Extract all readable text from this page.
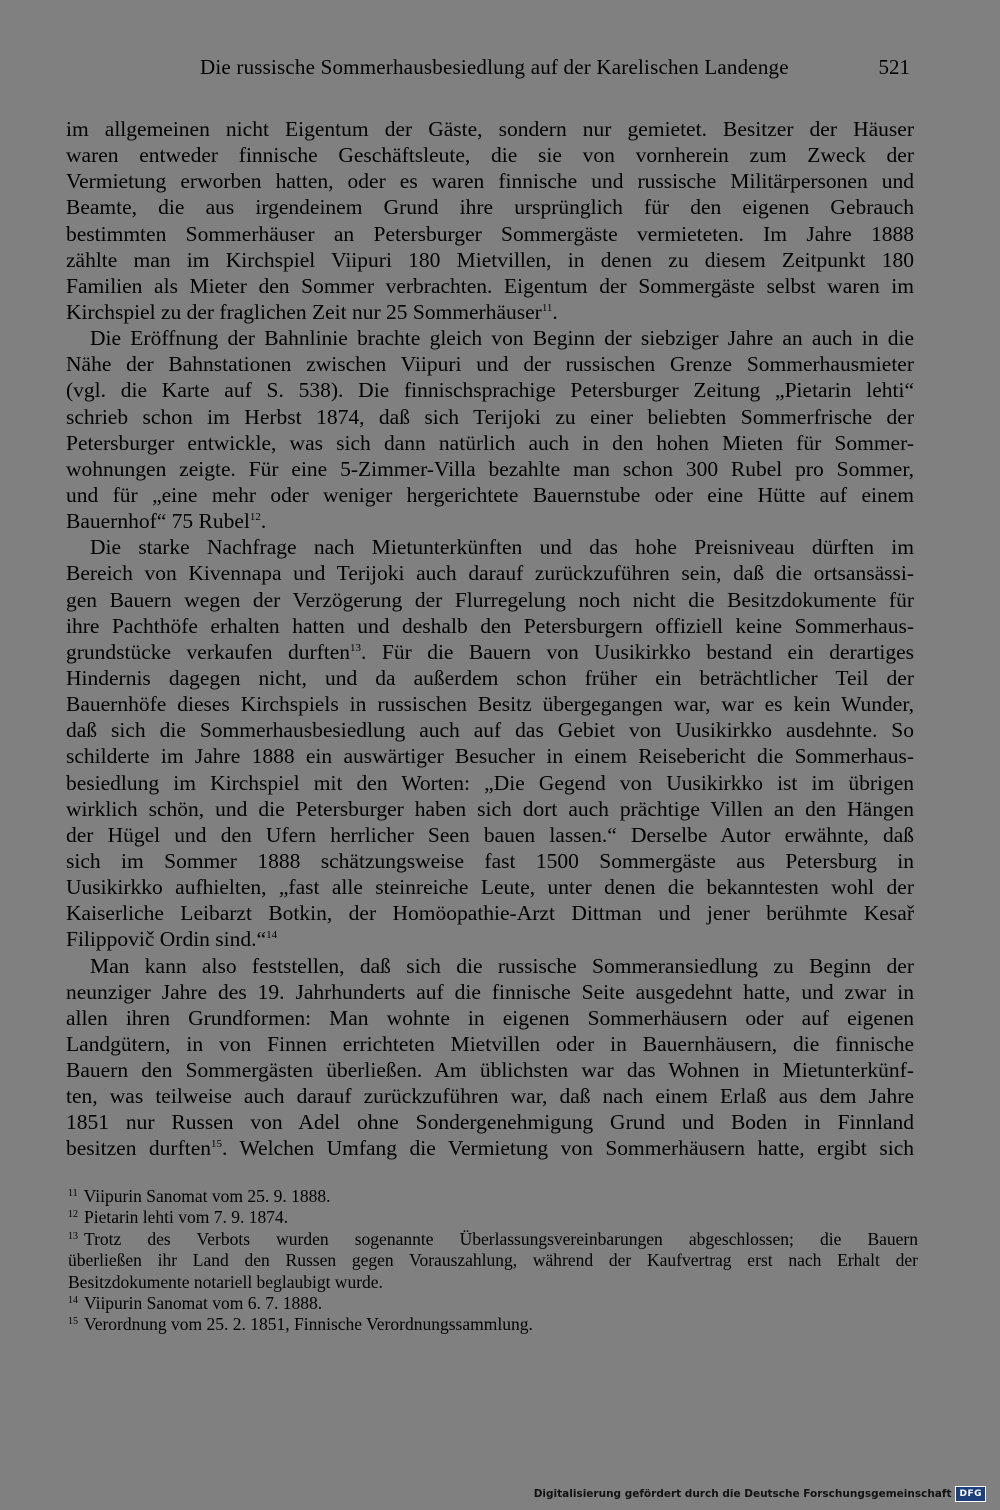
Die russische Sommerhausbesiedlung auf der Karelischen Landenge	521
im allgemeinen nicht Eigentum der Gäste, sondern nur gemietet. Besitzer der Häuser
waren entweder finnische Geschäftsleute, die sie von vornherein zum Zweck der
Vermietung erworben hatten, oder es waren finnische und russische Militärpersonen und
Beamte, die aus irgendeinem Grund ihre ursprünglich für den eigenen Gebrauch
bestimmten Sommerhäuser an Petersburger Sommergäste vermieteten. Im Jahre 1888
zählte man im Kirchspiel Viipuri 180 Mietvillen, in denen zu diesem Zeitpunkt 180
Familien als Mieter den Sommer verbrachten. Eigentum der Sommergäste selbst waren im
Kirchspiel zu der fraglichen Zeit nur 25 Sommerhäuser$^{11}$.
Die Eröffnung der Bahnlinie brachte gleich von Beginn der siebziger Jahre an auch in die
Nähe der Bahnstationen zwischen Viipuri und der russischen Grenze Sommerhausmieter
(vgl. die Karte auf S. 538). Die finnischsprachige Petersburger Zeitung „Pietarin lehti“
schrieb schon im Herbst 1874, daß sich Terijoki zu einer beliebten Sommerfrische der
Petersburger entwickle, was sich dann natürlich auch in den hohen Mieten für Sommer-
wohnungen zeigte. Für eine 5-Zimmer-Villa bezahlte man schon 300 Rubel pro Sommer,
und für „eine mehr oder weniger hergerichtete Bauernstube oder eine Hütte auf einem
Bauernhof“ 75 Rubel$^{12}$.
Die starke Nachfrage nach Mietunterkünften und das hohe Preisniveau dürften im
Bereich von Kivennapa und Terijoki auch darauf zurückzuführen sein, daß die ortsansässi-
gen Bauern wegen der Verzögerung der Flurregelung noch nicht die Besitzdokumente für
ihre Pachthöfe erhalten hatten und deshalb den Petersburgern offiziell keine Sommerhaus-
grundstücke verkaufen durften$^{13}$. Für die Bauern von Uusikirkko bestand ein derartiges
Hindernis dagegen nicht, und da außerdem schon früher ein beträchtlicher Teil der
Bauernhöfe dieses Kirchspiels in russischen Besitz übergegangen war, war es kein Wunder,
daß sich die Sommerhausbesiedlung auch auf das Gebiet von Uusikirkko ausdehnte. So
schilderte im Jahre 1888 ein auswärtiger Besucher in einem Reisebericht die Sommerhaus-
besiedlung im Kirchspiel mit den Worten: „Die Gegend von Uusikirkko ist im übrigen
wirklich schön, und die Petersburger haben sich dort auch prächtige Villen an den Hängen
der Hügel und den Ufern herrlicher Seen bauen lassen.“ Derselbe Autor erwähnte, daß
sich im Sommer 1888 schätzungsweise fast 1500 Sommergäste aus Petersburg in
Uusikirkko aufhielten, „fast alle steinreiche Leute, unter denen die bekanntesten wohl der
Kaiserliche Leibarzt Botkin, der Homöopathie-Arzt Dittman und jener berühmte Kesař
Filippovič Ordin sind.“$^{14}$
Man kann also feststellen, daß sich die russische Sommeransiedlung zu Beginn der
neunziger Jahre des 19. Jahrhunderts auf die finnische Seite ausgedehnt hatte, und zwar in
allen ihren Grundformen: Man wohnte in eigenen Sommerhäusern oder auf eigenen
Landgütern, in von Finnen errichteten Mietvillen oder in Bauernhäusern, die finnische
Bauern den Sommergästen überließen. Am üblichsten war das Wohnen in Mietunterkünf-
ten, was teilweise auch darauf zurückzuführen war, daß nach einem Erlaß aus dem Jahre
1851 nur Russen von Adel ohne Sondergenehmigung Grund und Boden in Finnland
besitzen durften$^{15}$. Welchen Umfang die Vermietung von Sommerhäusern hatte, ergibt sich
$^{11}$ Viipurin Sanomat vom 25. 9. 1888.
$^{12}$ Pietarin lehti vom 7. 9. 1874.
$^{13}$ Trotz des Verbots wurden sogenannte Überlassungsvereinbarungen abgeschlossen; die Bauern
überließen ihr Land den Russen gegen Vorauszahlung, während der Kaufvertrag erst nach Erhalt der
Besitzdokumente notariell beglaubigt wurde.
$^{14}$ Viipurin Sanomat vom 6. 7. 1888.
$^{15}$ Verordnung vom 25. 2. 1851, Finnische Verordnungssammlung.
Digitalisierung gefördert durch die Deutsche Forschungsgemeinschaft DFG
